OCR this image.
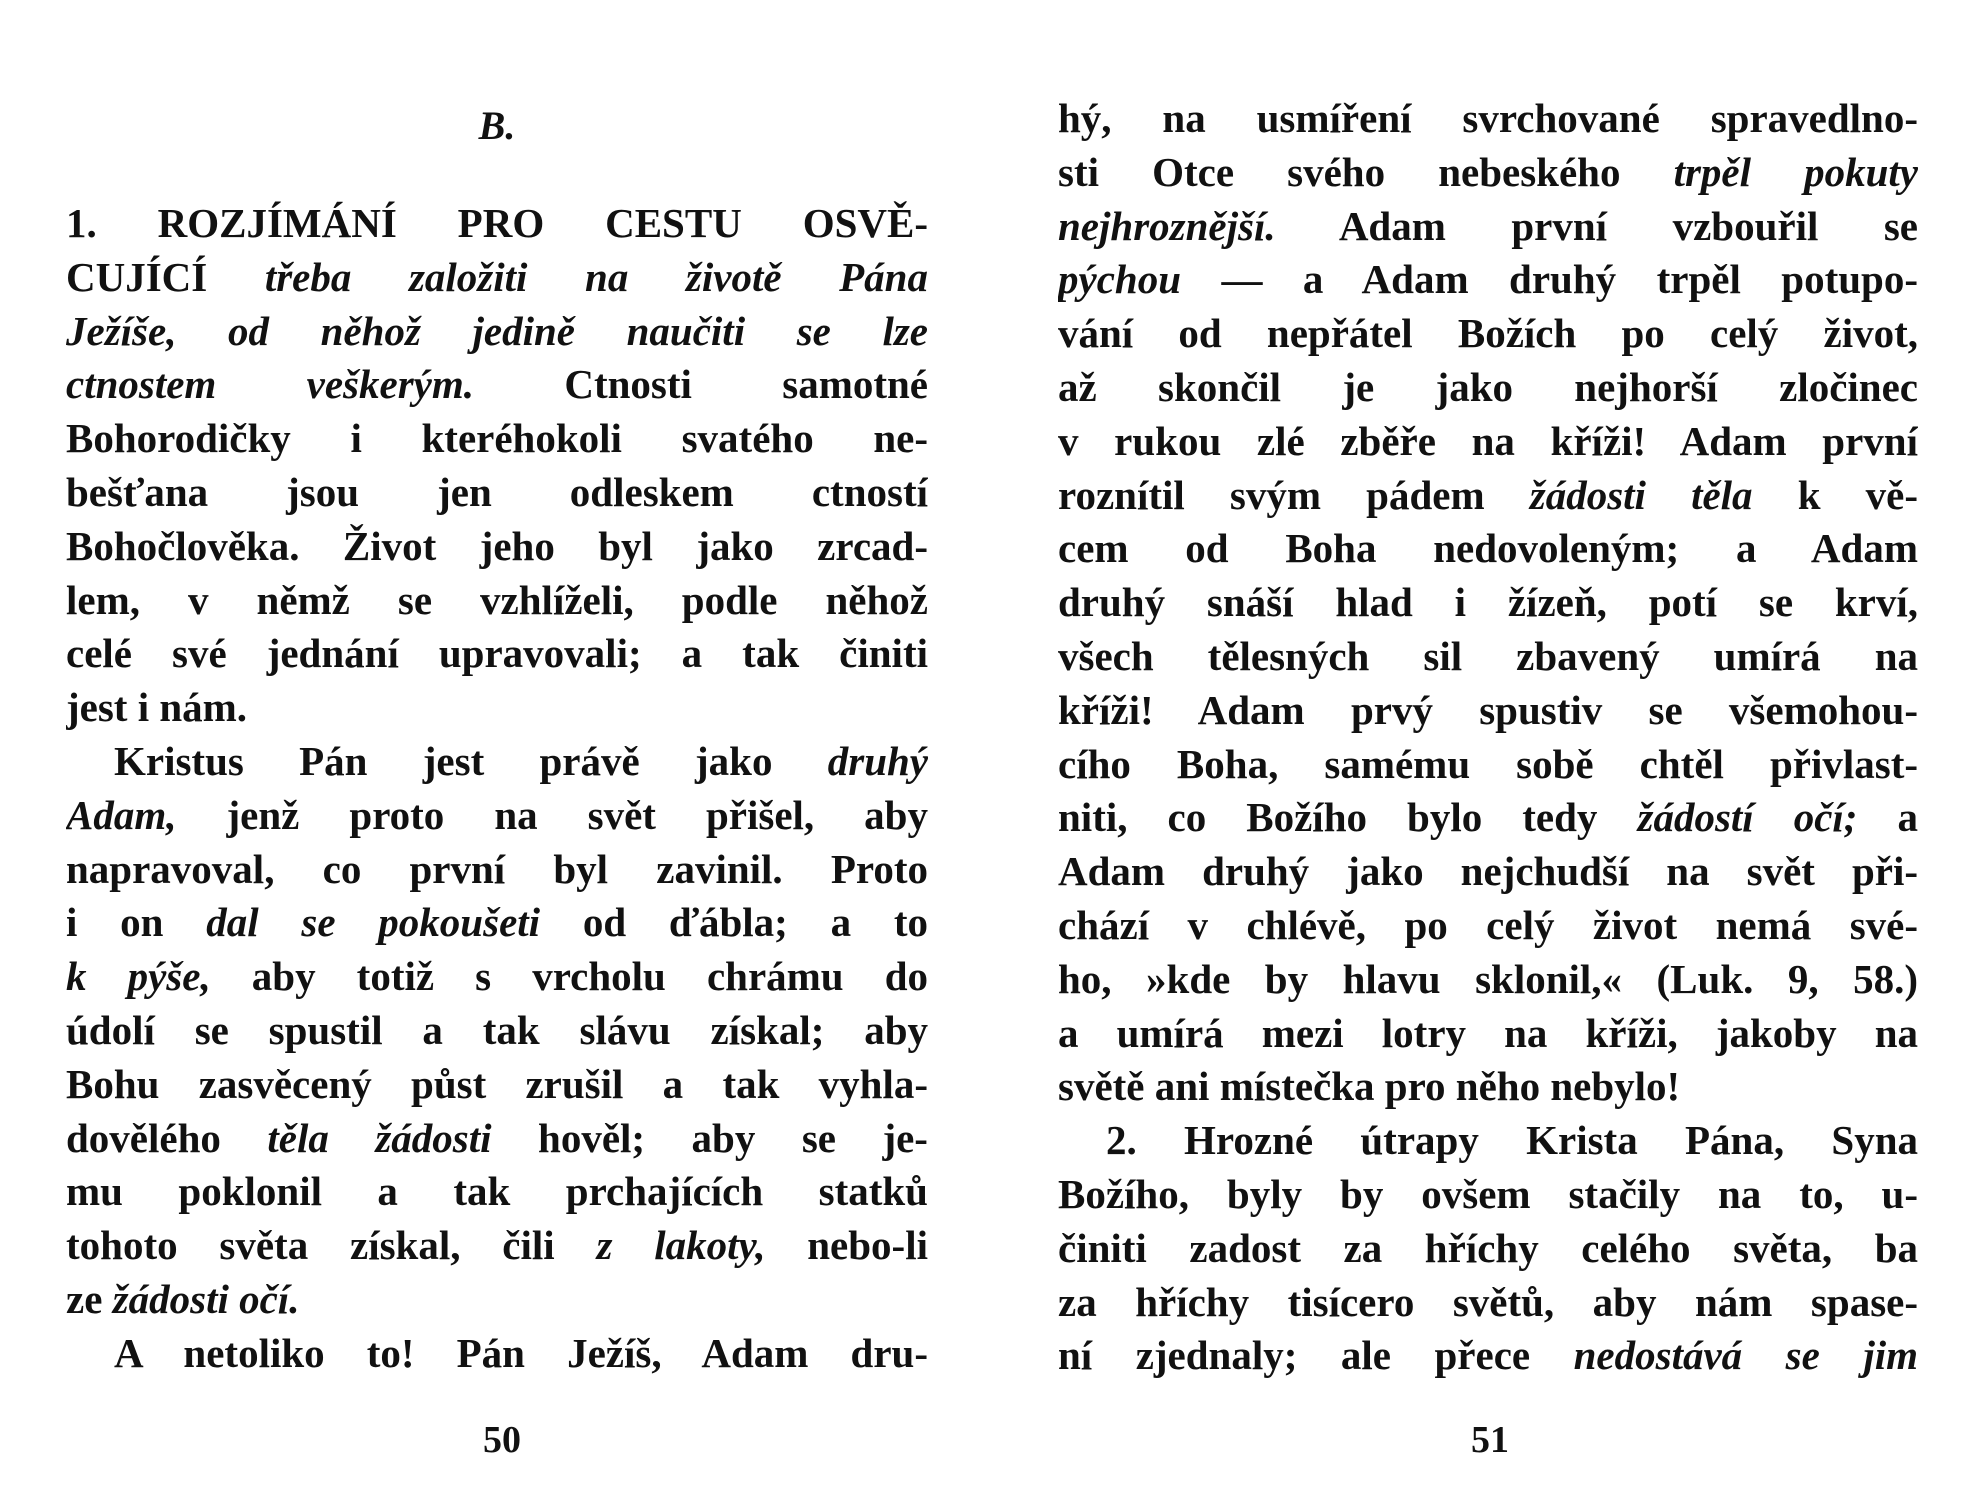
B.
1. ROZJÍMÁNÍ PRO CESTU OSVĚ-
CUJÍCÍ třeba založiti na životě Pána
Ježíše, od něhož jedině naučiti se lze
ctnostem veškerým. Ctnosti samotné
Bohorodičky i kteréhokoli svatého ne-
bešťana jsou jen odleskem ctností
Bohočlověka. Život jeho byl jako zrcad-
lem, v němž se vzhlíželi, podle něhož
celé své jednání upravovali; a tak činiti
jest i nám.
Kristus Pán jest právě jako druhý
Adam, jenž proto na svět přišel, aby
napravoval, co první byl zavinil. Proto
i on dal se pokoušeti od ďábla; a to
k pýše, aby totiž s vrcholu chrámu do
údolí se spustil a tak slávu získal; aby
Bohu zasvěcený půst zrušil a tak vyhla-
dovělého těla žádosti hověl; aby se je-
mu poklonil a tak prchajících statků
tohoto světa získal, čili z lakoty, nebo-li
ze žádosti očí.
A netoliko to! Pán Ježíš, Adam dru-
50
hý, na usmíření svrchované spravedlno-
sti Otce svého nebeského trpěl pokuty
nejhroznější. Adam první vzbouřil se
pýchou — a Adam druhý trpěl potupo-
vání od nepřátel Božích po celý život,
až skončil je jako nejhorší zločinec
v rukou zlé zběře na kříži! Adam první
roznítil svým pádem žádosti těla k vě-
cem od Boha nedovoleným; a Adam
druhý snáší hlad i žízeň, potí se krví,
všech tělesných sil zbavený umírá na
kříži! Adam prvý spustiv se všemohou-
cího Boha, samému sobě chtěl přivlast-
niti, co Božího bylo tedy žádostí očí; a
Adam druhý jako nejchudší na svět při-
chází v chlévě, po celý život nemá své-
ho, »kde by hlavu sklonil,« (Luk. 9, 58.)
a umírá mezi lotry na kříži, jakoby na
světě ani místečka pro něho nebylo!
2. Hrozné útrapy Krista Pána, Syna
Božího, byly by ovšem stačily na to, u-
činiti zadost za hříchy celého světa, ba
za hříchy tisícero světů, aby nám spase-
ní zjednaly; ale přece nedostává se jim
51
